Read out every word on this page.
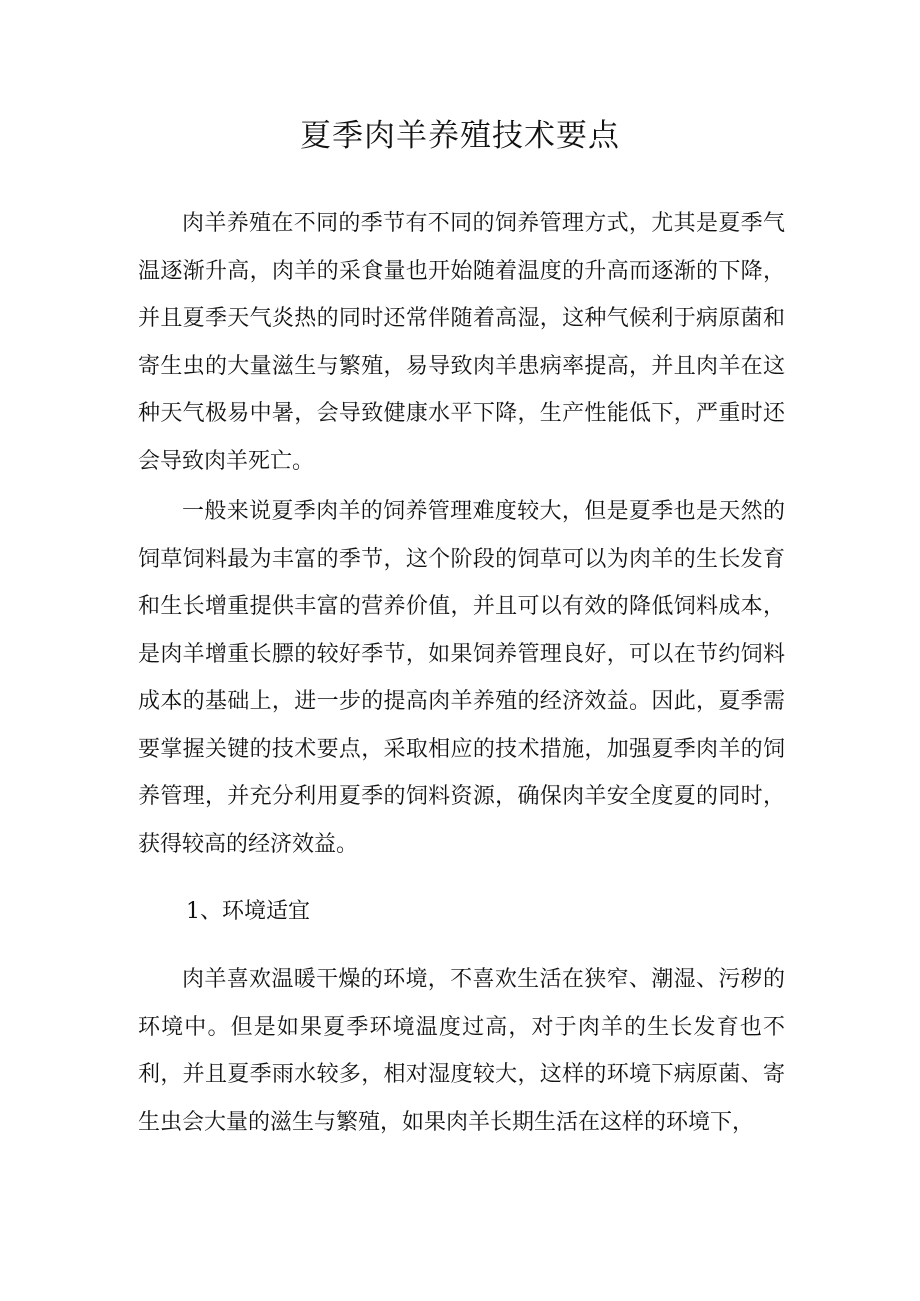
夏季肉羊养殖技术要点

肉羊养殖在不同的季节有不同的饲养管理方式，尤其是夏季气温逐渐升高，肉羊的采食量也开始随着温度的升高而逐渐的下降，并且夏季天气炎热的同时还常伴随着高湿，这种气候利于病原菌和寄生虫的大量滋生与繁殖，易导致肉羊患病率提高，并且肉羊在这种天气极易中暑，会导致健康水平下降，生产性能低下，严重时还会导致肉羊死亡。

一般来说夏季肉羊的饲养管理难度较大，但是夏季也是天然的饲草饲料最为丰富的季节，这个阶段的饲草可以为肉羊的生长发育和生长增重提供丰富的营养价值，并且可以有效的降低饲料成本，是肉羊增重长膘的较好季节，如果饲养管理良好，可以在节约饲料成本的基础上，进一步的提高肉羊养殖的经济效益。因此，夏季需要掌握关键的技术要点，采取相应的技术措施，加强夏季肉羊的饲养管理，并充分利用夏季的饲料资源，确保肉羊安全度夏的同时，获得较高的经济效益。

1、环境适宜

肉羊喜欢温暖干燥的环境，不喜欢生活在狭窄、潮湿、污秽的环境中。但是如果夏季环境温度过高，对于肉羊的生长发育也不利，并且夏季雨水较多，相对湿度较大，这样的环境下病原菌、寄生虫会大量的滋生与繁殖，如果肉羊长期生活在这样的环境下，
